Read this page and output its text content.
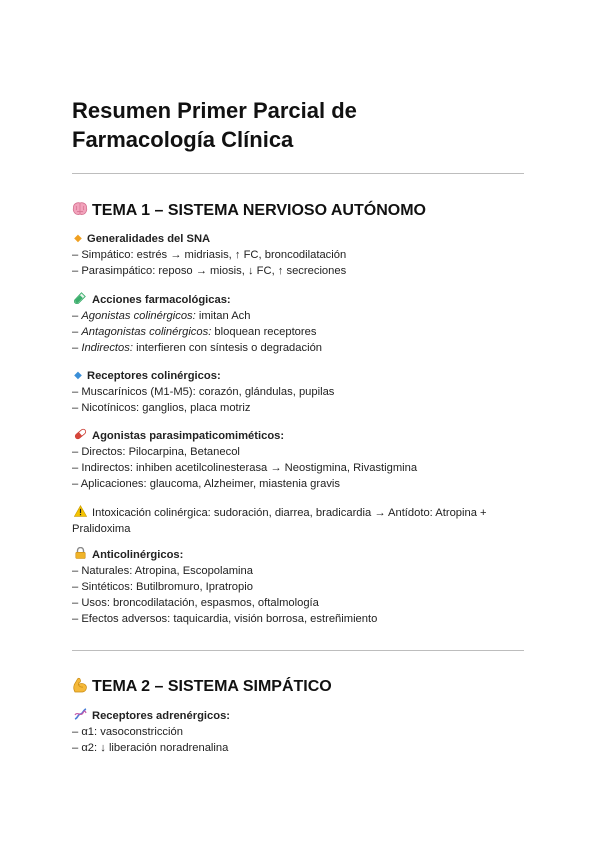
Resumen Primer Parcial de
Farmacología Clínica
TEMA 1 – SISTEMA NERVIOSO AUTÓNOMO
◆ Generalidades del SNA
– Simpático: estrés → midriasis, ↑ FC, broncodilatación
– Parasimpático: reposo → miosis, ↓ FC, ↑ secreciones
Acciones farmacológicas:
– Agonistas colinérgicos: imitan Ach
– Antagonistas colinérgicos: bloquean receptores
– Indirectos: interfieren con síntesis o degradación
◆ Receptores colinérgicos:
– Muscarínicos (M1-M5): corazón, glándulas, pupilas
– Nicotínicos: ganglios, placa motriz
Agonistas parasimpaticomiméticos:
– Directos: Pilocarpina, Betanecol
– Indirectos: inhiben acetilcolinesterasa → Neostigmina, Rivastigmina
– Aplicaciones: glaucoma, Alzheimer, miastenia gravis
Intoxicación colinérgica: sudoración, diarrea, bradicardia → Antídoto: Atropina + Pralidoxima
Anticolinérgicos:
– Naturales: Atropina, Escopolamina
– Sintéticos: Butilbromuro, Ipratropio
– Usos: broncodilatación, espasmos, oftalmología
– Efectos adversos: taquicardia, visión borrosa, estreñimiento
TEMA 2 – SISTEMA SIMPÁTICO
Receptores adrenérgicos:
– α1: vasoconstricción
– α2: ↓ liberación noradrenalina
